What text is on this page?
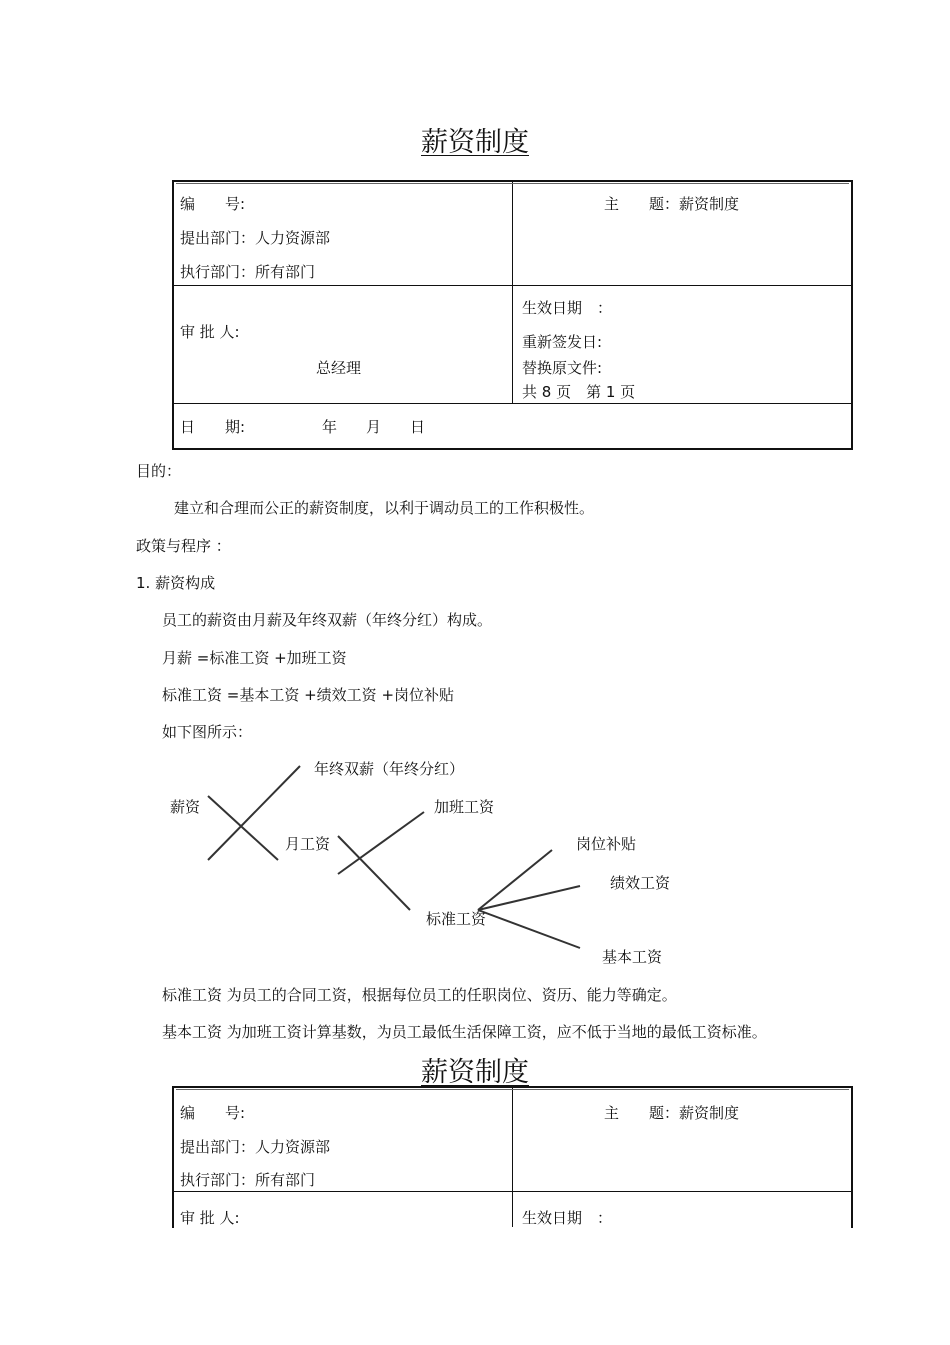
薪资制度
编　　号:
提出部门：人力资源部
执行部门：所有部门
主　　题：薪资制度
审 批 人:
总经理
生效日期　：
重新签发日:
替换原文件:
共 8 页　第 1 页
日　　期:	年 月 日
目的：
建立和合理而公正的薪资制度，以利于调动员工的工作积极性。
政策与程序 ：
1. 薪资构成
员工的薪资由月薪及年终双薪（年终分红）构成。
月薪 =标准工资 +加班工资
标准工资 =基本工资 +绩效工资 +岗位补贴
如下图所示：
薪资
年终双薪（年终分红）
月工资
加班工资
标准工资
岗位补贴
绩效工资
基本工资
标准工资 为员工的合同工资，根据每位员工的任职岗位、资历、能力等确定。
基本工资 为加班工资计算基数，为员工最低生活保障工资，应不低于当地的最低工资标准。
薪资制度
编　　号:
提出部门：人力资源部
执行部门：所有部门
主　　题：薪资制度
审 批 人:	生效日期　：
